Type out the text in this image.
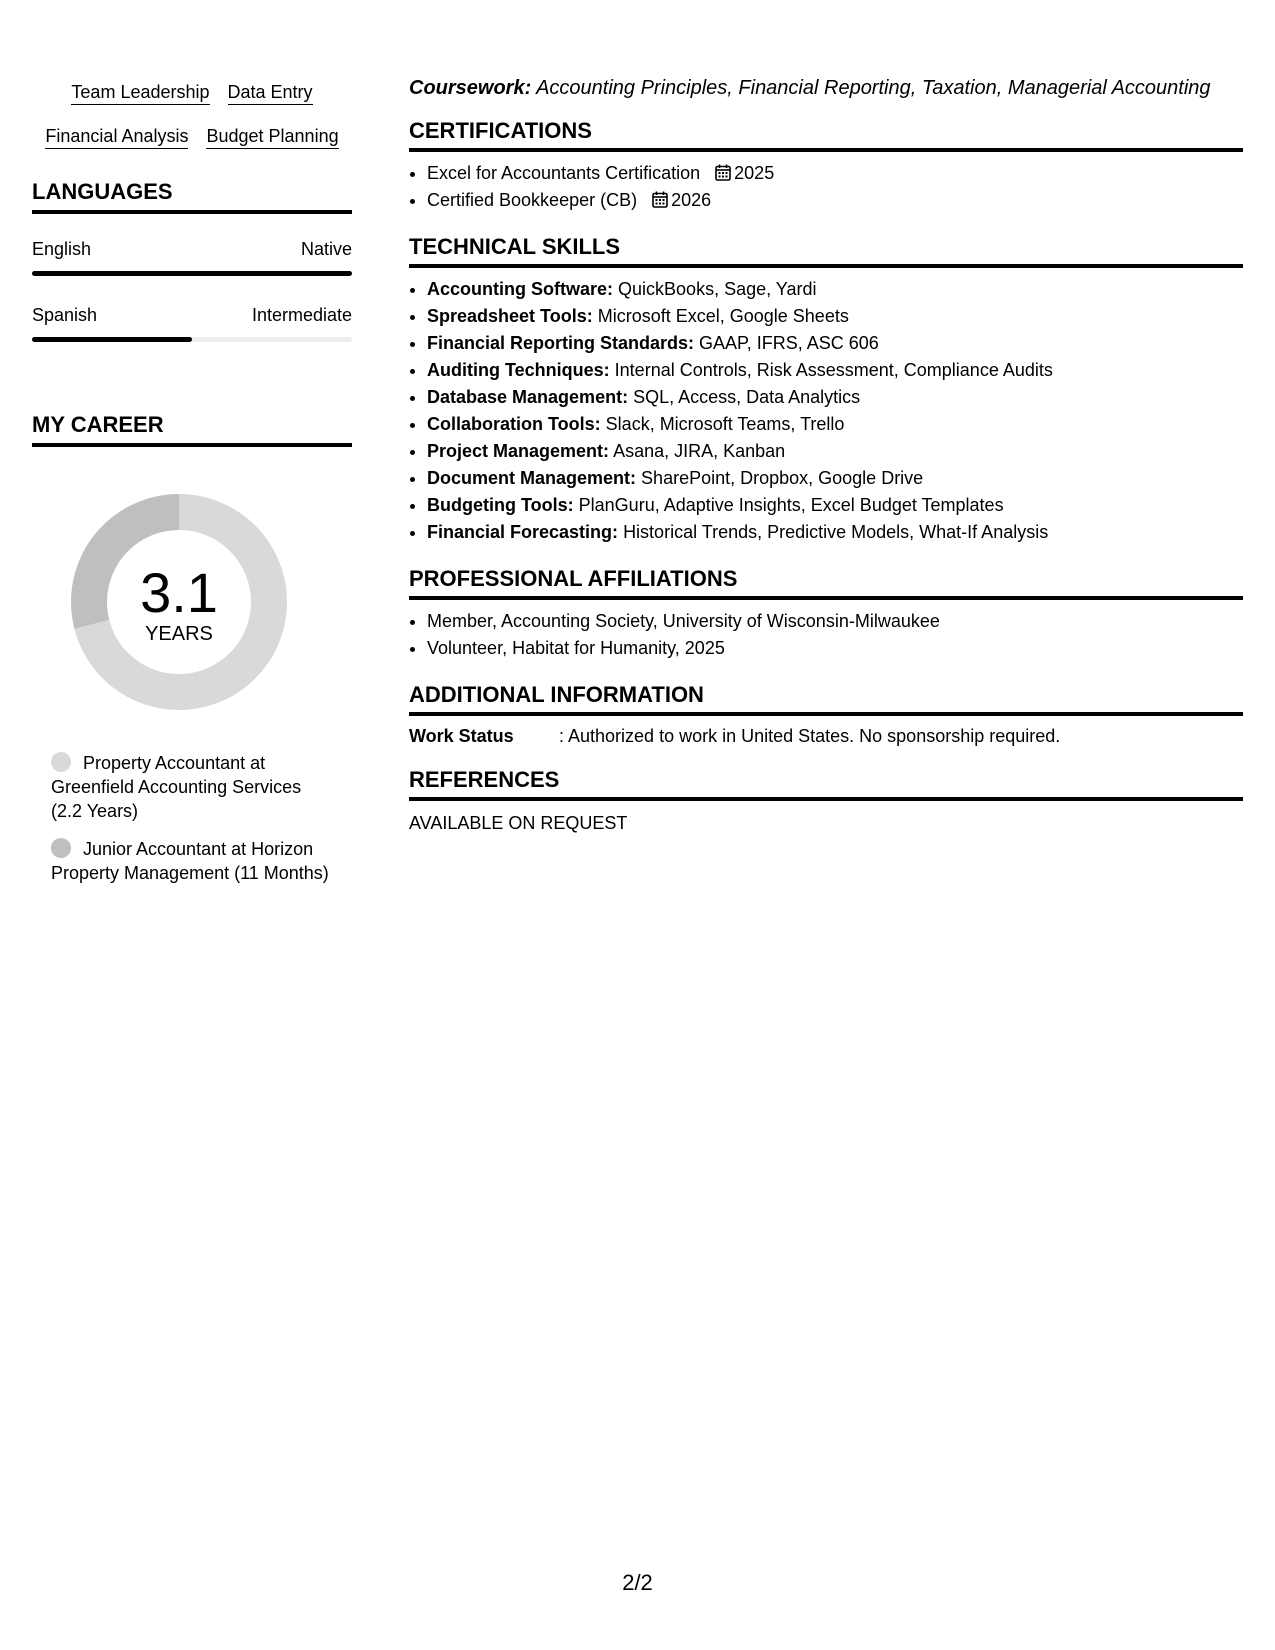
Team Leadership Data Entry
Financial Analysis Budget Planning
LANGUAGES
English	Native
Spanish	Intermediate
MY CAREER
3.1
YEARS
Property Accountant at Greenfield Accounting Services (2.2 Years)
Junior Accountant at Horizon Property Management (11 Months)
Coursework: Accounting Principles, Financial Reporting, Taxation, Managerial Accounting
CERTIFICATIONS
• Excel for Accountants Certification 2025
• Certified Bookkeeper (CB) 2026
TECHNICAL SKILLS
• Accounting Software: QuickBooks, Sage, Yardi
• Spreadsheet Tools: Microsoft Excel, Google Sheets
• Financial Reporting Standards: GAAP, IFRS, ASC 606
• Auditing Techniques: Internal Controls, Risk Assessment, Compliance Audits
• Database Management: SQL, Access, Data Analytics
• Collaboration Tools: Slack, Microsoft Teams, Trello
• Project Management: Asana, JIRA, Kanban
• Document Management: SharePoint, Dropbox, Google Drive
• Budgeting Tools: PlanGuru, Adaptive Insights, Excel Budget Templates
• Financial Forecasting: Historical Trends, Predictive Models, What-If Analysis
PROFESSIONAL AFFILIATIONS
• Member, Accounting Society, University of Wisconsin-Milwaukee
• Volunteer, Habitat for Humanity, 2025
ADDITIONAL INFORMATION
Work Status	: Authorized to work in United States. No sponsorship required.
REFERENCES
AVAILABLE ON REQUEST
2/2
